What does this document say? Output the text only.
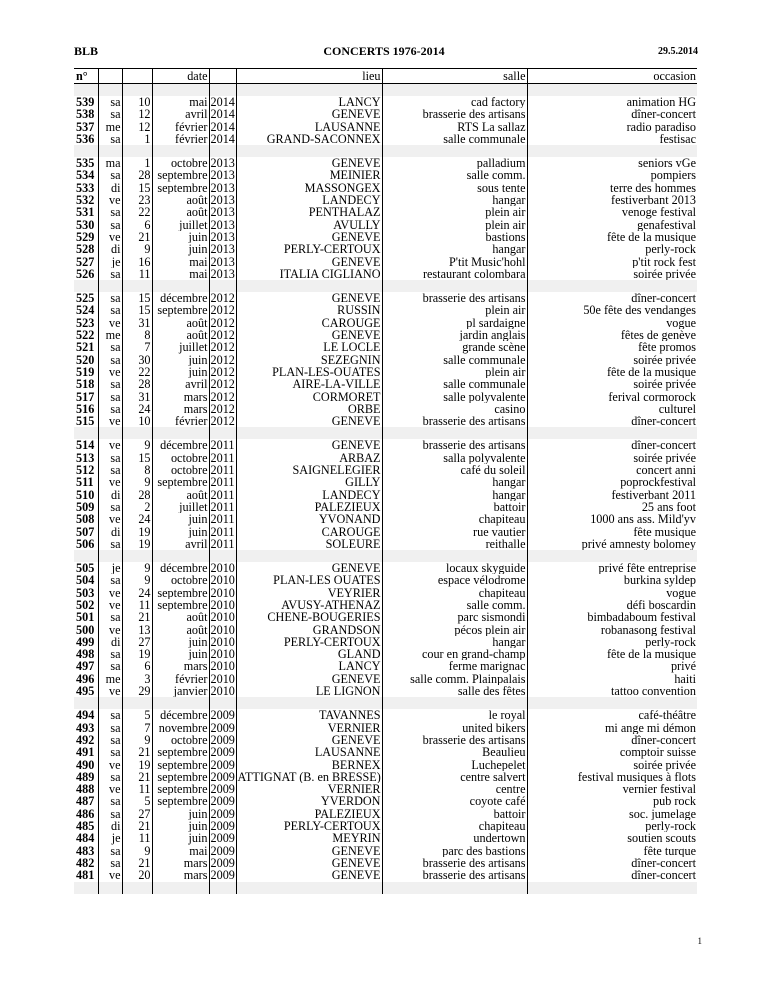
BLB	CONCERTS 1976-2014	29.5.2014
n°			date		lieu	salle	occasion

539	sa	10	mai	2014	LANCY	cad factory	animation HG
538	sa	12	avril	2014	GENEVE	brasserie des artisans	dîner-concert
537	me	12	février	2014	LAUSANNE	RTS La sallaz	radio paradiso
536	sa	1	février	2014	GRAND-SACONNEX	salle communale	festisac

535	ma	1	octobre	2013	GENEVE	palladium	seniors vGe
534	sa	28	septembre	2013	MEINIER	salle comm.	pompiers
533	di	15	septembre	2013	MASSONGEX	sous tente	terre des hommes
532	ve	23	août	2013	LANDECY	hangar	festiverbant 2013
531	sa	22	août	2013	PENTHALAZ	plein air	venoge festival
530	sa	6	juillet	2013	AVULLY	plein air	genafestival
529	ve	21	juin	2013	GENEVE	bastions	fête de la musique
528	di	9	juin	2013	PERLY-CERTOUX	hangar	perly-rock
527	je	16	mai	2013	GENEVE	P'tit Music'hohl	p'tit rock fest
526	sa	11	mai	2013	ITALIA CIGLIANO	restaurant colombara	soirée privée

525	sa	15	décembre	2012	GENEVE	brasserie des artisans	dîner-concert
524	sa	15	septembre	2012	RUSSIN	plein air	50e fête des vendanges
523	ve	31	août	2012	CAROUGE	pl sardaigne	vogue
522	me	8	août	2012	GENEVE	jardin anglais	fêtes de genève
521	sa	7	juillet	2012	LE LOCLE	grande scène	fête promos
520	sa	30	juin	2012	SEZEGNIN	salle communale	soirée privée
519	ve	22	juin	2012	PLAN-LES-OUATES	plein air	fête de la musique
518	sa	28	avril	2012	AIRE-LA-VILLE	salle communale	soirée privée
517	sa	31	mars	2012	CORMORET	salle polyvalente	ferival cormorock
516	sa	24	mars	2012	ORBE	casino	culturel
515	ve	10	février	2012	GENEVE	brasserie des artisans	dîner-concert

514	ve	9	décembre	2011	GENEVE	brasserie des artisans	dîner-concert
513	sa	15	octobre	2011	ARBAZ	salla polyvalente	soirée privée
512	sa	8	octobre	2011	SAIGNELEGIER	café du soleil	concert anni
511	ve	9	septembre	2011	GILLY	hangar	poprockfestival
510	di	28	août	2011	LANDECY	hangar	festiverbant 2011
509	sa	2	juillet	2011	PALEZIEUX	battoir	25 ans foot
508	ve	24	juin	2011	YVONAND	chapiteau	1000 ans ass. Mild'yv
507	di	19	juin	2011	CAROUGE	rue vautier	fête musique
506	sa	19	avril	2011	SOLEURE	reithalle	privé amnesty bolomey

505	je	9	décembre	2010	GENEVE	locaux skyguide	privé fête entreprise
504	sa	9	octobre	2010	PLAN-LES OUATES	espace vélodrome	burkina syldep
503	ve	24	septembre	2010	VEYRIER	chapiteau	vogue
502	ve	11	septembre	2010	AVUSY-ATHENAZ	salle comm.	défi boscardin
501	sa	21	août	2010	CHENE-BOUGERIES	parc sismondi	bimbadaboum festival
500	ve	13	août	2010	GRANDSON	pécos plein air	robanasong festival
499	di	27	juin	2010	PERLY-CERTOUX	hangar	perly-rock
498	sa	19	juin	2010	GLAND	cour en grand-champ	fête de la musique
497	sa	6	mars	2010	LANCY	ferme marignac	privé
496	me	3	février	2010	GENEVE	salle comm. Plainpalais	haiti
495	ve	29	janvier	2010	LE LIGNON	salle des fêtes	tattoo convention

494	sa	5	décembre	2009	TAVANNES	le royal	café-théâtre
493	sa	7	novembre	2009	VERNIER	united bikers	mi ange mi démon
492	sa	9	octobre	2009	GENEVE	brasserie des artisans	dîner-concert
491	sa	21	septembre	2009	LAUSANNE	Beaulieu	comptoir suisse
490	ve	19	septembre	2009	BERNEX	Luchepelet	soirée privée
489	sa	21	septembre	2009	ATTIGNAT (B. en BRESSE)	centre salvert	festival musiques à flots
488	ve	11	septembre	2009	VERNIER	centre	vernier festival
487	sa	5	septembre	2009	YVERDON	coyote café	pub rock
486	sa	27	juin	2009	PALEZIEUX	battoir	soc. jumelage
485	di	21	juin	2009	PERLY-CERTOUX	chapiteau	perly-rock
484	je	11	juin	2009	MEYRIN	undertown	soutien scouts
483	sa	9	mai	2009	GENEVE	parc des bastions	fête turque
482	sa	21	mars	2009	GENEVE	brasserie des artisans	dîner-concert
481	ve	20	mars	2009	GENEVE	brasserie des artisans	dîner-concert

1
